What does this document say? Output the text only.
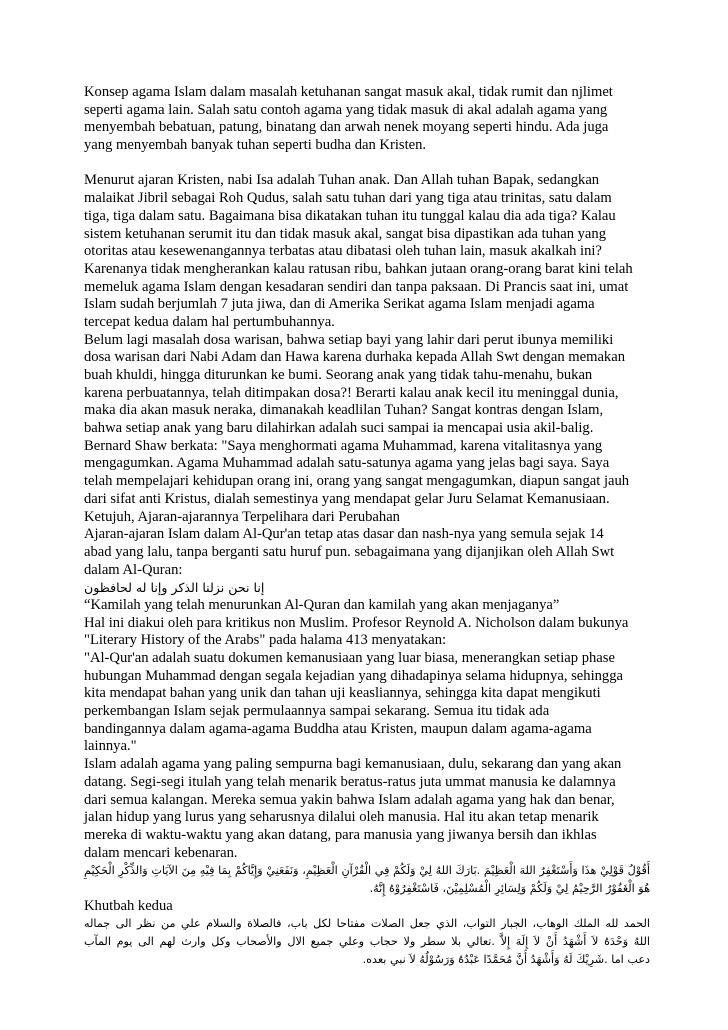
Konsep agama Islam dalam masalah ketuhanan sangat masuk akal, tidak rumit dan njlimet
seperti agama lain. Salah satu contoh agama yang tidak masuk di akal adalah agama yang
menyembah bebatuan, patung, binatang dan arwah nenek moyang seperti hindu. Ada juga
yang menyembah banyak tuhan seperti budha dan Kristen.
Menurut ajaran Kristen, nabi Isa adalah Tuhan anak. Dan Allah tuhan Bapak, sedangkan
malaikat Jibril sebagai Roh Qudus, salah satu tuhan dari yang tiga atau trinitas, satu dalam
tiga, tiga dalam satu. Bagaimana bisa dikatakan tuhan itu tunggal kalau dia ada tiga? Kalau
sistem ketuhanan serumit itu dan tidak masuk akal, sangat bisa dipastikan ada tuhan yang
otoritas atau kesewenangannya terbatas atau dibatasi oleh tuhan lain, masuk akalkah ini?
Karenanya tidak mengherankan kalau ratusan ribu, bahkan jutaan orang-orang barat kini telah
memeluk agama Islam dengan kesadaran sendiri dan tanpa paksaan. Di Prancis saat ini, umat
Islam sudah berjumlah 7 juta jiwa, dan di Amerika Serikat agama Islam menjadi agama
tercepat kedua dalam hal pertumbuhannya.
Belum lagi masalah dosa warisan, bahwa setiap bayi yang lahir dari perut ibunya memiliki
dosa warisan dari Nabi Adam dan Hawa karena durhaka kepada Allah Swt dengan memakan
buah khuldi, hingga diturunkan ke bumi. Seorang anak yang tidak tahu-menahu, bukan
karena perbuatannya, telah ditimpakan dosa?! Berarti kalau anak kecil itu meninggal dunia,
maka dia akan masuk neraka, dimanakah keadlilan Tuhan? Sangat kontras dengan Islam,
bahwa setiap anak yang baru dilahirkan adalah suci sampai ia mencapai usia akil-balig.
Bernard Shaw berkata: "Saya menghormati agama Muhammad, karena vitalitasnya yang
mengagumkan. Agama Muhammad adalah satu-satunya agama yang jelas bagi saya. Saya
telah mempelajari kehidupan orang ini, orang yang sangat mengagumkan, diapun sangat jauh
dari sifat anti Kristus, dialah semestinya yang mendapat gelar Juru Selamat Kemanusiaan.
Ketujuh, Ajaran-ajarannya Terpelihara dari Perubahan
Ajaran-ajaran Islam dalam Al-Qur'an tetap atas dasar dan nash-nya yang semula sejak 14
abad yang lalu, tanpa berganti satu huruf pun. sebagaimana yang dijanjikan oleh Allah Swt
dalam Al-Quran:
إنا نحن نزلنا الذكر وإنا له لحافظون
“Kamilah yang telah menurunkan Al-Quran dan kamilah yang akan menjaganya”
Hal ini diakui oleh para kritikus non Muslim. Profesor Reynold A. Nicholson dalam bukunya
"Literary History of the Arabs" pada halama 413 menyatakan:
"Al-Qur'an adalah suatu dokumen kemanusiaan yang luar biasa, menerangkan setiap phase
hubungan Muhammad dengan segala kejadian yang dihadapinya selama hidupnya, sehingga
kita mendapat bahan yang unik dan tahan uji keasliannya, sehingga kita dapat mengikuti
perkembangan Islam sejak permulaannya sampai sekarang. Semua itu tidak ada
bandingannya dalam agama-agama Buddha atau Kristen, maupun dalam agama-agama
lainnya."
Islam adalah agama yang paling sempurna bagi kemanusiaan, dulu, sekarang dan yang akan
datang. Segi-segi itulah yang telah menarik beratus-ratus juta ummat manusia ke dalamnya
dari semua kalangan. Mereka semua yakin bahwa Islam adalah agama yang hak dan benar,
jalan hidup yang lurus yang seharusnya dilalui oleh manusia. Hal itu akan tetap menarik
mereka di waktu-waktu yang akan datang, para manusia yang jiwanya bersih dan ikhlas
dalam mencari kebenaran.
أَقُوْلُ قَوْلِيْ هذَا وَأَسْتَغْفِرُ اللهَ الْعَظِيْمَ .بَارَكَ اللهُ لِيْ وَلَكُمْ فِي الْقُرْآنِ الْعَظِيْمِ، وَنَفَعَنِيْ وَإِيَّاكُمْ بِمَا فِيْهِ مِنَ الآيَاتِ وَالذِّكْرِ الْحَكِيْمِ
هُوَ الْغَفُوْرُ الرَّحِيْمُ لِيْ وَلَكُمْ وَلِسَائِرِ الْمُسْلِمِيْنَ، فَاسْتَغْفِرُوْهُ إِنَّهُ.
Khutbah kedua
الحمد لله الملك الوهاب، الجبار التواب، الذي جعل الصلات مفتاحا لكل باب، فالصلاة والسلام علي من نظر الى جماله
اللهُ وَحْدَهُ لاَ أَشْهَدُ أَنْ لاَ إِلَهَ إِلاَّ .تعالي بلا سطر ولا حجاب وعلي جميع الال والأصحاب وكل وارث لهم الى يوم المآب
دعب اما .شَرِيْكَ لَهُ وَأَشْهَدُ أَنَّ مُحَمَّدًا عَبْدُهُ وَرَسُوْلُهُ لاَ نبي بعده.
